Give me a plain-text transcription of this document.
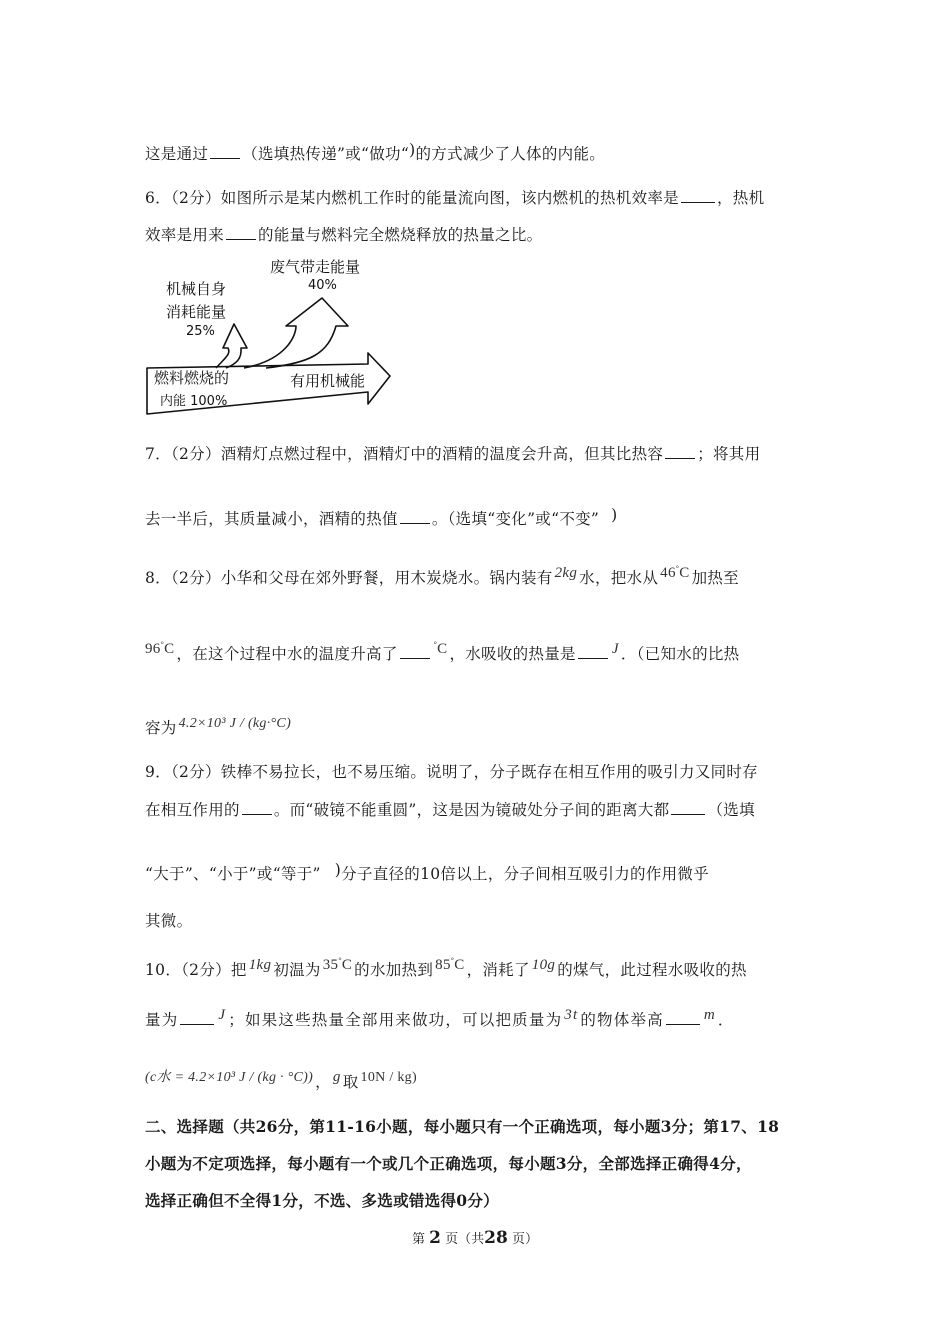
这是通过 （选填热传递”或“做功“)的方式减少了人体的内能。
6．（2分）如图所示是某内燃机工作时的能量流向图，该内燃机的热机效率是 ，热机
效率是用来 的能量与燃料完全燃烧释放的热量之比。
废气带走能量
40%
机械自身
消耗能量
25%
燃料燃烧的
内能 100%
有用机械能
7．（2分）酒精灯点燃过程中，酒精灯中的酒精的温度会升高，但其比热容 ；将其用
去一半后，其质量减小，酒精的热值 。（选填“变化”或“不变” )
8．（2分）小华和父母在郊外野餐，用木炭烧水。锅内装有 2kg 水，把水从 46°C 加热至
96°C ，在这个过程中水的温度升高了°C ，水吸收的热量是 J ．（已知水的比热
容为 4.2×10³ J / (kg·°C)
9．（2分）铁棒不易拉长，也不易压缩。说明了，分子既存在相互作用的吸引力又同时存
在相互作用的 。而“破镜不能重圆”，这是因为镜破处分子间的距离大都 （选填
“大于”、“小于”或“等于” )分子直径的10倍以上，分子间相互吸引力的作用微乎
其微。
10．（2分）把 1kg 初温为 35°C 的水加热到 85°C ，消耗了 10g 的煤气，此过程水吸收的热
量为	J ；如果这些热量全部用来做功，可以把质量为 3t 的物体举高	m ．
(c水 = 4.2×10³ J / (kg · °C)) ， g 取 10N / kg)
二、选择题（共26分，第11-16小题，每小题只有一个正确选项，每小题3分；第17、18
小题为不定项选择，每小题有一个或几个正确选项，每小题3分，全部选择正确得4分，
选择正确但不全得1分，不选、多选或错选得0分）
第 2 页（共28 页）
